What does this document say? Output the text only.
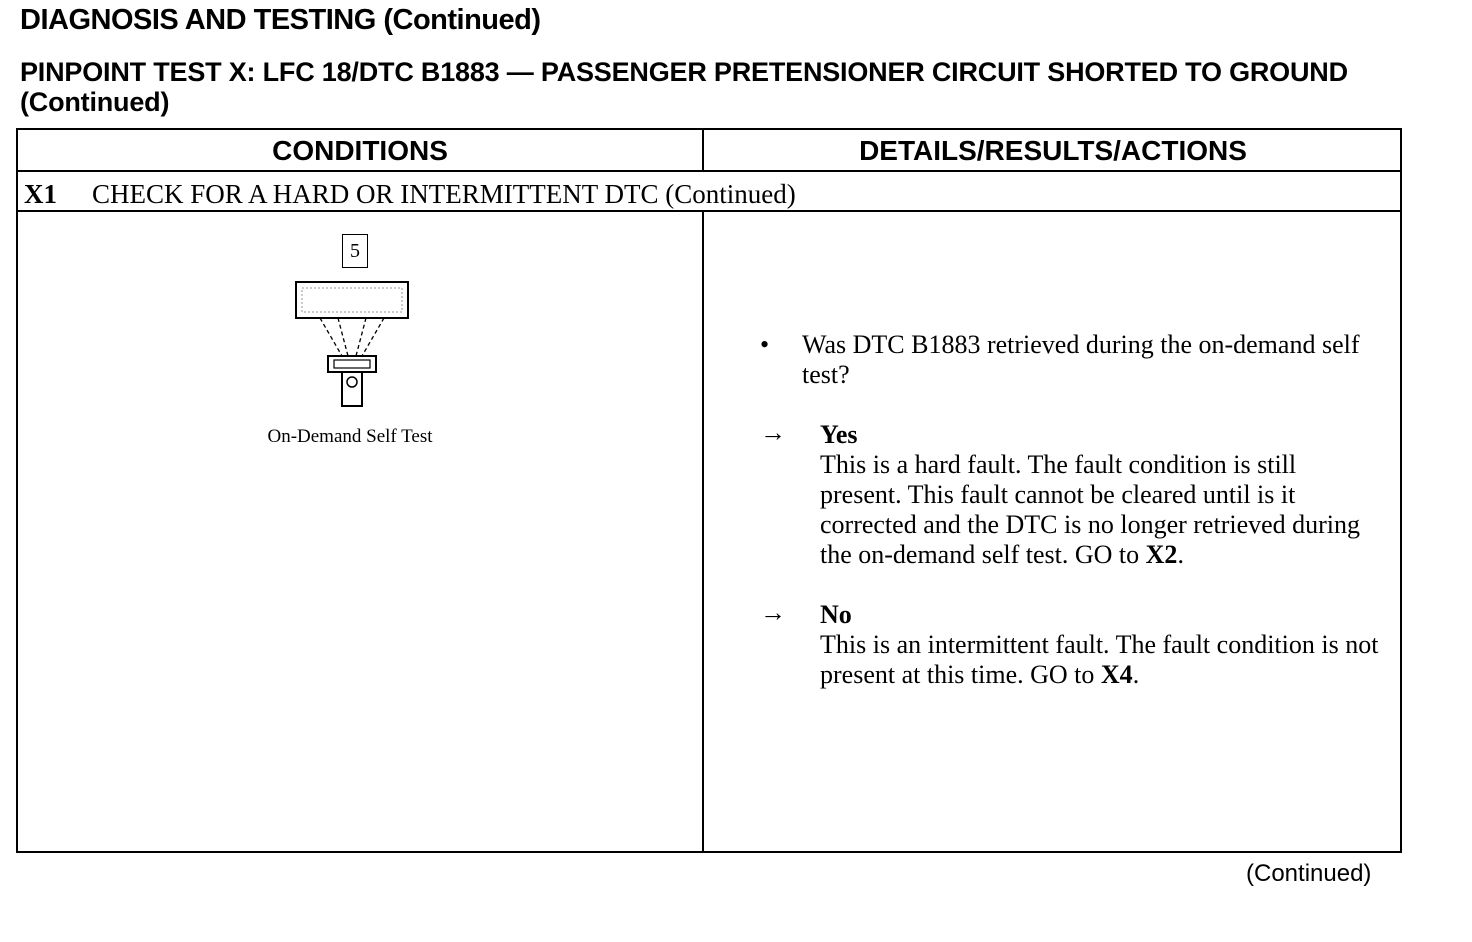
DIAGNOSIS AND TESTING (Continued)
PINPOINT TEST X: LFC 18/DTC B1883 — PASSENGER PRETENSIONER CIRCUIT SHORTED TO GROUND (Continued)
CONDITIONS	DETAILS/RESULTS/ACTIONS
X1 CHECK FOR A HARD OR INTERMITTENT DTC (Continued)
5
On-Demand Self Test
• Was DTC B1883 retrieved during the on-demand self test?
→ Yes
This is a hard fault. The fault condition is still present. This fault cannot be cleared until is it corrected and the DTC is no longer retrieved during the on-demand self test. GO to X2.
→ No
This is an intermittent fault. The fault condition is not present at this time. GO to X4.
(Continued)
